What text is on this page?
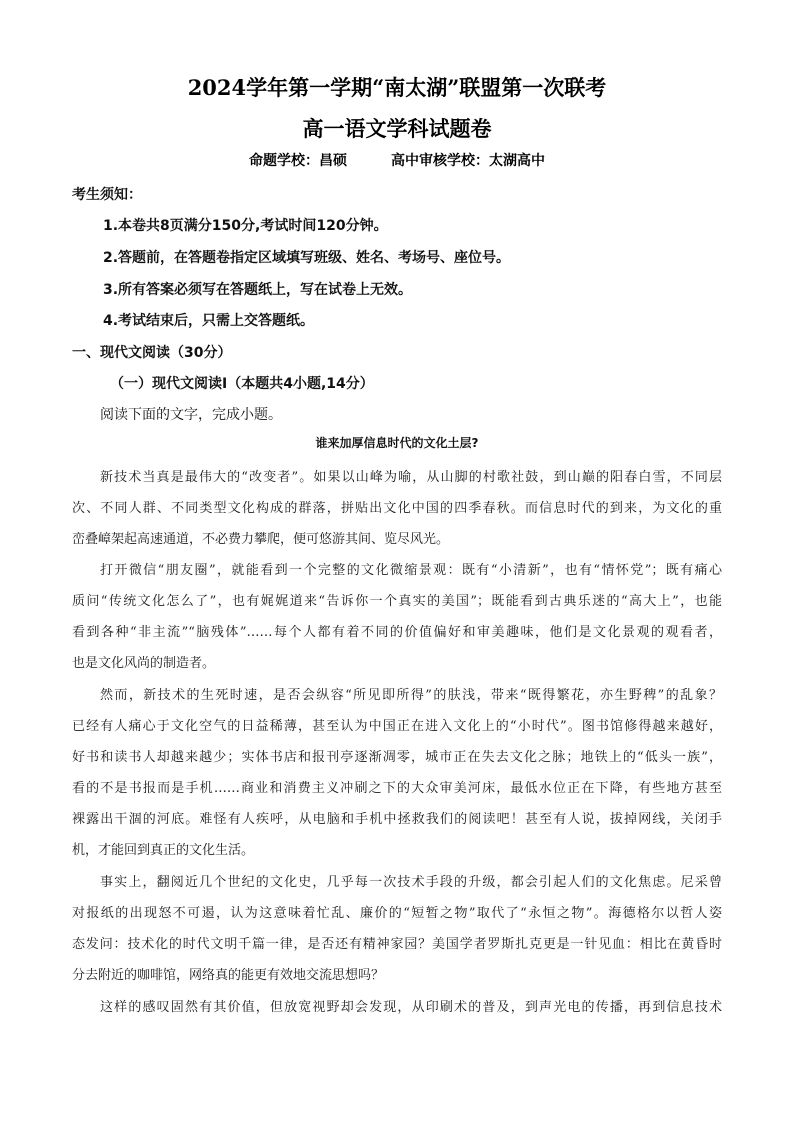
2024学年第一学期“南太湖”联盟第一次联考
高一语文学科试题卷
命题学校：昌硕	高中审核学校：太湖高中
考生须知：
1.本卷共8页满分150分,考试时间120分钟。
2.答题前，在答题卷指定区域填写班级、姓名、考场号、座位号。
3.所有答案必须写在答题纸上，写在试卷上无效。
4.考试结束后，只需上交答题纸。
一、现代文阅读（30分）
（一）现代文阅读Ⅰ（本题共4小题,14分）
阅读下面的文字，完成小题。
谁来加厚信息时代的文化土层?
新技术当真是最伟大的“改变者”。如果以山峰为喻，从山脚的村歌社鼓，到山巅的阳春白雪，不同层
次、不同人群、不同类型文化构成的群落，拼贴出文化中国的四季春秋。而信息时代的到来，为文化的重
峦叠嶂架起高速通道，不必费力攀爬，便可悠游其间、览尽风光。
打开微信“朋友圈”，就能看到一个完整的文化微缩景观：既有“小清新”，也有“情怀党”；既有痛心
质问“传统文化怎么了”，也有娓娓道来“告诉你一个真实的美国”；既能看到古典乐迷的“高大上”，也能
看到各种“非主流”“脑残体”……每个人都有着不同的价值偏好和审美趣味，他们是文化景观的观看者，
也是文化风尚的制造者。
然而，新技术的生死时速，是否会纵容“所见即所得”的肤浅，带来“既得繁花，亦生野稗”的乱象？
已经有人痛心于文化空气的日益稀薄，甚至认为中国正在进入文化上的“小时代”。图书馆修得越来越好，
好书和读书人却越来越少；实体书店和报刊亭逐渐凋零，城市正在失去文化之脉；地铁上的“低头一族”，
看的不是书报而是手机……商业和消费主义冲刷之下的大众审美河床，最低水位正在下降，有些地方甚至
裸露出干涸的河底。难怪有人疾呼，从电脑和手机中拯救我们的阅读吧！甚至有人说，拔掉网线，关闭手
机，才能回到真正的文化生活。
事实上，翻阅近几个世纪的文化史，几乎每一次技术手段的升级，都会引起人们的文化焦虑。尼采曾
对报纸的出现怒不可遏，认为这意味着忙乱、廉价的“短暂之物”取代了“永恒之物”。海德格尔以哲人姿
态发问：技术化的时代文明千篇一律，是否还有精神家园？美国学者罗斯扎克更是一针见血：相比在黄昏时
分去附近的咖啡馆，网络真的能更有效地交流思想吗？
这样的感叹固然有其价值，但放宽视野却会发现，从印刷术的普及，到声光电的传播，再到信息技术
